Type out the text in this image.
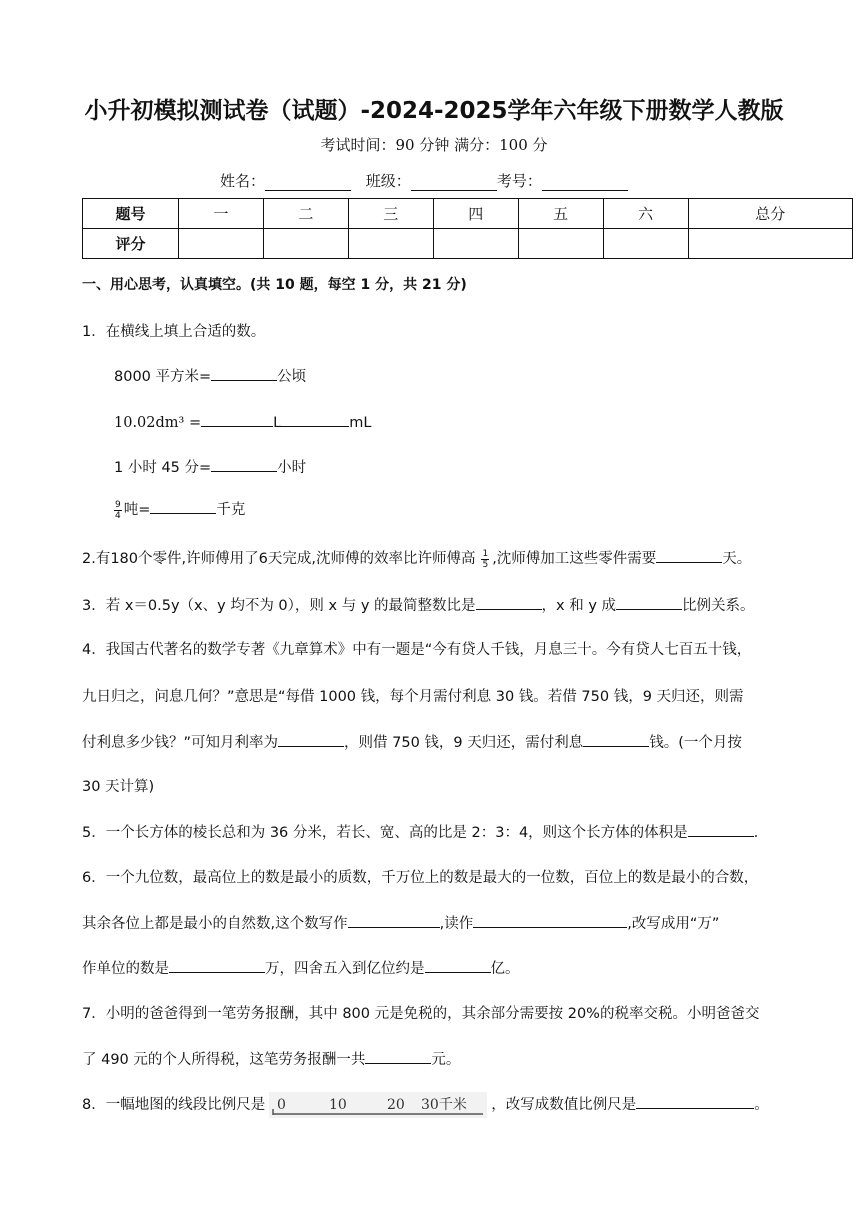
小升初模拟测试卷（试题）-2024-2025学年六年级下册数学人教版
考试时间：90 分钟 满分：100 分
姓名：	班级：	考号：
题号	一	二	三	四	五	六	总分
评分							
一、用心思考，认真填空。(共 10 题，每空 1 分，共 21 分)
1．在横线上填上合适的数。
8000 平方米=	公顷
10.02dm³ =	L	mL
1 小时 45 分=	小时
$\frac{9}{4}$ 吨=	千克
2.有180个零件,许师傅用了6天完成,沈师傅的效率比许师傅高 $\frac{1}{5}$ ,沈师傅加工这些零件需要	天。
3．若 x＝0.5y（x、y 均不为 0），则 x 与 y 的最简整数比是	，x 和 y 成	比例关系。
4．我国古代著名的数学专著《九章算术》中有一题是“今有贷人千钱，月息三十。今有贷人七百五十钱，
九日归之，问息几何？”意思是“每借 1000 钱，每个月需付利息 30 钱。若借 750 钱，9 天归还，则需
付利息多少钱？”可知月利率为	，则借 750 钱，9 天归还，需付利息	钱。(一个月按
30 天计算)
5．一个长方体的棱长总和为 36 分米，若长、宽、高的比是 2：3：4，则这个长方体的体积是	．
6．一个九位数，最高位上的数是最小的质数，千万位上的数是最大的一位数，百位上的数是最小的合数，
其余各位上都是最小的自然数,这个数写作	,读作	,改写成用“万”
作单位的数是	万，四舍五入到亿位约是	亿。
7．小明的爸爸得到一笔劳务报酬，其中 800 元是免税的，其余部分需要按 20%的税率交税。小明爸爸交
了 490 元的个人所得税，这笔劳务报酬一共	元。
8．一幅地图的线段比例尺是 0	10	20 30千米 ，改写成数值比例尺是	。
